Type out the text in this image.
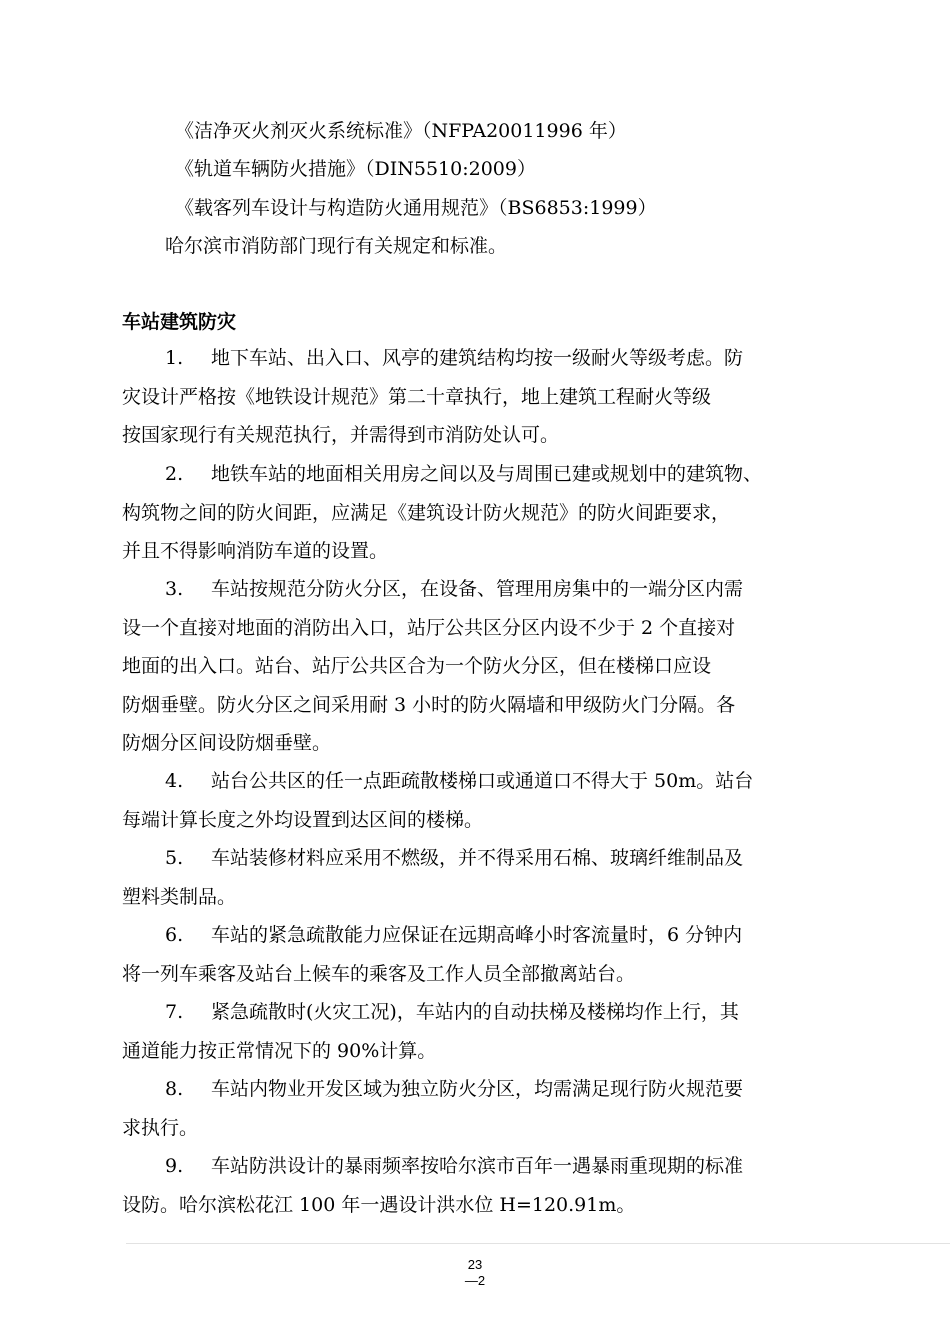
《洁净灭火剂灭火系统标准》（NFPA20011996 年）
《轨道车辆防火措施》（DIN5510:2009）
《载客列车设计与构造防火通用规范》（BS6853:1999）
哈尔滨市消防部门现行有关规定和标准。
车站建筑防灾
1. 地下车站、出入口、风亭的建筑结构均按一级耐火等级考虑。防
灾设计严格按《地铁设计规范》第二十章执行，地上建筑工程耐火等级
按国家现行有关规范执行，并需得到市消防处认可。
2. 地铁车站的地面相关用房之间以及与周围已建或规划中的建筑物、
构筑物之间的防火间距，应满足《建筑设计防火规范》的防火间距要求，
并且不得影响消防车道的设置。
3. 车站按规范分防火分区，在设备、管理用房集中的一端分区内需
设一个直接对地面的消防出入口，站厅公共区分区内设不少于 2 个直接对
地面的出入口。站台、站厅公共区合为一个防火分区，但在楼梯口应设
防烟垂壁。防火分区之间采用耐 3 小时的防火隔墙和甲级防火门分隔。各
防烟分区间设防烟垂壁。
4. 站台公共区的任一点距疏散楼梯口或通道口不得大于 50m。站台
每端计算长度之外均设置到达区间的楼梯。
5. 车站装修材料应采用不燃级，并不得采用石棉、玻璃纤维制品及
塑料类制品。
6. 车站的紧急疏散能力应保证在远期高峰小时客流量时，6 分钟内
将一列车乘客及站台上候车的乘客及工作人员全部撤离站台。
7. 紧急疏散时(火灾工况)，车站内的自动扶梯及楼梯均作上行，其
通道能力按正常情况下的 90%计算。
8. 车站内物业开发区域为独立防火分区，均需满足现行防火规范要
求执行。
9. 车站防洪设计的暴雨频率按哈尔滨市百年一遇暴雨重现期的标准
设防。哈尔滨松花江 100 年一遇设计洪水位 H=120.91m。
23
—2
